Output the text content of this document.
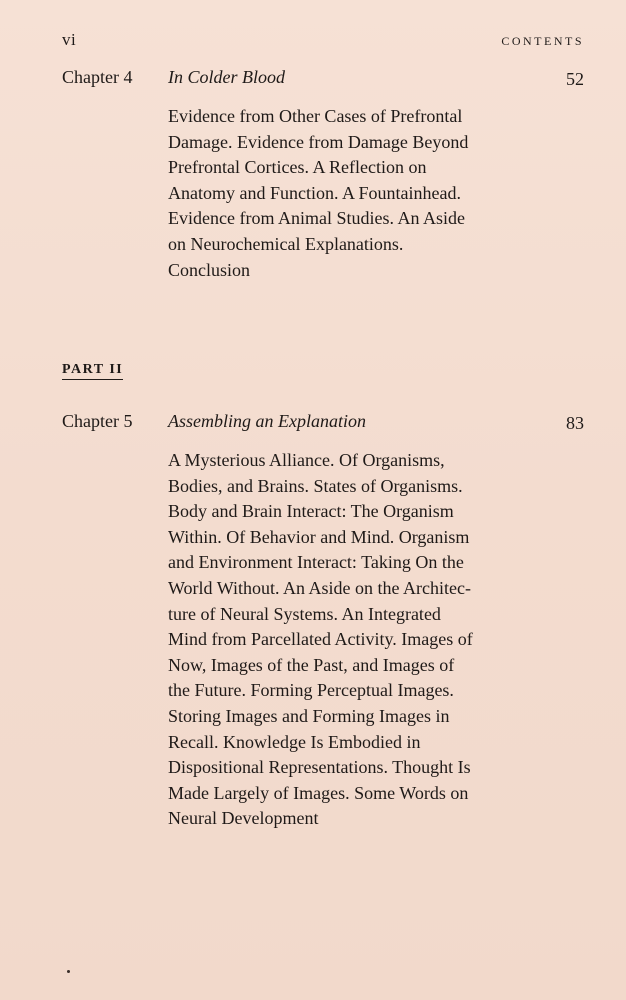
vi	CONTENTS
Chapter 4 In Colder Blood	52
Evidence from Other Cases of Prefrontal
Damage. Evidence from Damage Beyond
Prefrontal Cortices. A Reflection on
Anatomy and Function. A Fountainhead.
Evidence from Animal Studies. An Aside
on Neurochemical Explanations.
Conclusion
PART II
Chapter 5 Assembling an Explanation	83
A Mysterious Alliance. Of Organisms,
Bodies, and Brains. States of Organisms.
Body and Brain Interact: The Organism
Within. Of Behavior and Mind. Organism
and Environment Interact: Taking On the
World Without. An Aside on the Architec-
ture of Neural Systems. An Integrated
Mind from Parcellated Activity. Images of
Now, Images of the Past, and Images of
the Future. Forming Perceptual Images.
Storing Images and Forming Images in
Recall. Knowledge Is Embodied in
Dispositional Representations. Thought Is
Made Largely of Images. Some Words on
Neural Development
